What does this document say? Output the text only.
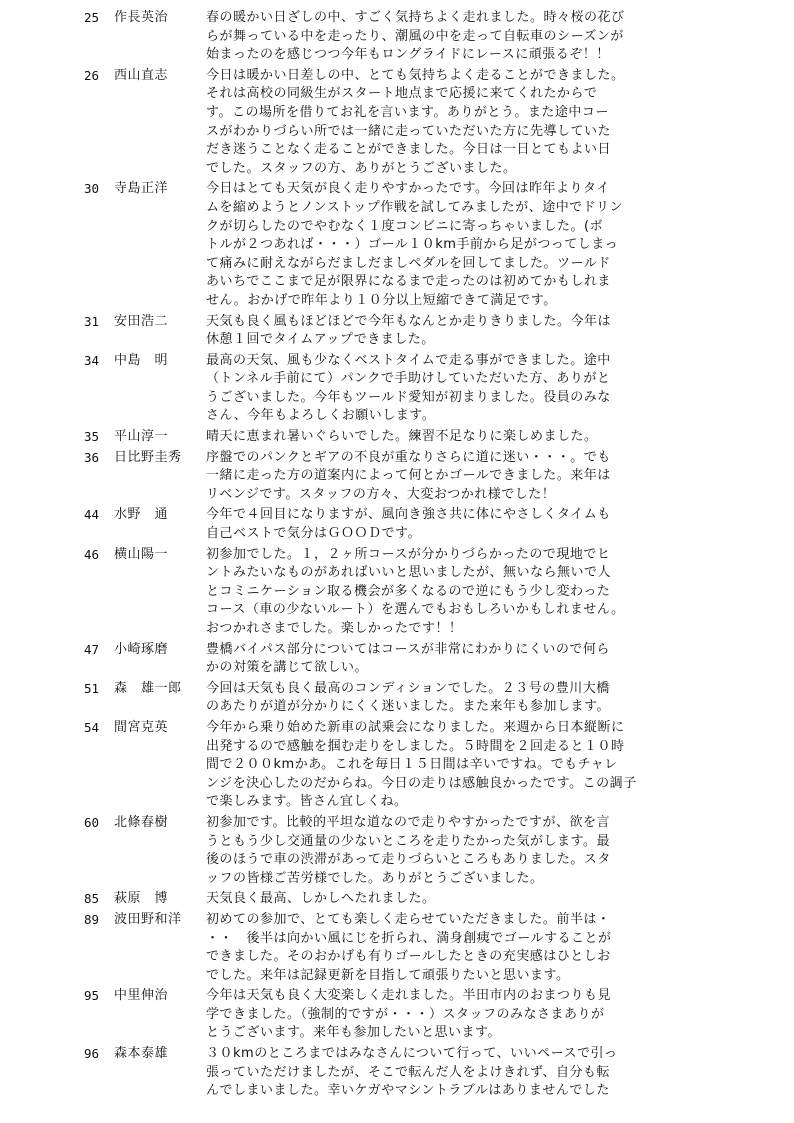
25	作長英治	春の暖かい日ざしの中、すごく気持ちよく走れました。時々桜の花び
らが舞っている中を走ったり、潮風の中を走って自転車のシーズンが
始まったのを感じつつ今年もロングライドにレースに頑張るぞ！！
26	西山直志	今日は暖かい日差しの中、とても気持ちよく走ることができました。
それは高校の同級生がスタート地点まで応援に来てくれたからで
す。この場所を借りてお礼を言います。ありがとう。また途中コー
スがわかりづらい所では一緒に走っていただいた方に先導していた
だき迷うことなく走ることができました。今日は一日とてもよい日
でした。スタッフの方、ありがとうございました。
30	寺島正洋	今日はとても天気が良く走りやすかったです。今回は昨年よりタイ
ムを縮めようとノンストップ作戦を試してみましたが、途中でドリン
クが切らしたのでやむなく１度コンビニに寄っちゃいました。(ボ
トルが２つあれば・・・）ゴール１０km手前から足がつってしまっ
て痛みに耐えながらだましだましペダルを回してました。ツールド
あいちでここまで足が限界になるまで走ったのは初めてかもしれま
せん。おかげで昨年より１０分以上短縮できて満足です。
31	安田浩二	天気も良く風もほどほどで今年もなんとか走りきりました。今年は
休憩１回でタイムアップできました。
34	中島　明	最高の天気、風も少なくベストタイムで走る事ができました。途中
（トンネル手前にて）パンクで手助けしていただいた方、ありがと
うございました。今年もツールド愛知が初まりました。役員のみな
さん、今年もよろしくお願いします。
35	平山淳一	晴天に恵まれ暑いぐらいでした。練習不足なりに楽しめました。
36	日比野圭秀	序盤でのパンクとギアの不良が重なりさらに道に迷い・・・。でも
一緒に走った方の道案内によって何とかゴールできました。来年は
リベンジです。スタッフの方々、大変おつかれ様でした！
44	水野　通	今年で４回目になりますが、風向き強さ共に体にやさしくタイムも
自己ベストで気分はＧＯＯＤです。
46	横山陽一	初参加でした。１，２ヶ所コースが分かりづらかったので現地でヒ
ントみたいなものがあればいいと思いましたが、無いなら無いで人
とコミニケーション取る機会が多くなるので逆にもう少し変わった
コース（車の少ないルート）を選んでもおもしろいかもしれません。
おつかれさまでした。楽しかったです！！
47	小崎琢磨	豊橋バイパス部分についてはコースが非常にわかりにくいので何ら
かの対策を講じて欲しい。
51	森　雄一郎	今回は天気も良く最高のコンディションでした。２３号の豊川大橋
のあたりが道が分かりにくく迷いました。また来年も参加します。
54	間宮克英	今年から乗り始めた新車の試乗会になりました。来週から日本縦断に
出発するので感触を掴む走りをしました。５時間を２回走ると１０時
間で２００kmかあ。これを毎日１５日間は辛いですね。でもチャレ
ンジを決心したのだからね。今日の走りは感触良かったです。この調子
で楽しみます。皆さん宜しくね。
60	北條春樹	初参加です。比較的平坦な道なので走りやすかったですが、欲を言
うともう少し交通量の少ないところを走りたかった気がします。最
後のほうで車の渋滞があって走りづらいところもありました。スタ
ッフの皆様ご苦労様でした。ありがとうございました。
85	萩原　博	天気良く最高、しかしへたれました。
89	波田野和洋	初めての参加で、とても楽しく走らせていただきました。前半は・
・・　後半は向かい風にじを折られ、満身創痍でゴールすることが
できました。そのおかげも有りゴールしたときの充実感はひとしお
でした。来年は記録更新を目指して頑張りたいと思います。
95	中里伸治	今年は天気も良く大変楽しく走れました。半田市内のおまつりも見
学できました。（強制的ですが・・・）スタッフのみなさまありが
とうございます。来年も参加したいと思います。
96	森本泰雄	３０kmのところまではみなさんについて行って、いいペースで引っ
張っていただけましたが、そこで転んだ人をよけきれず、自分も転
んでしまいました。幸いケガやマシントラブルはありませんでした
